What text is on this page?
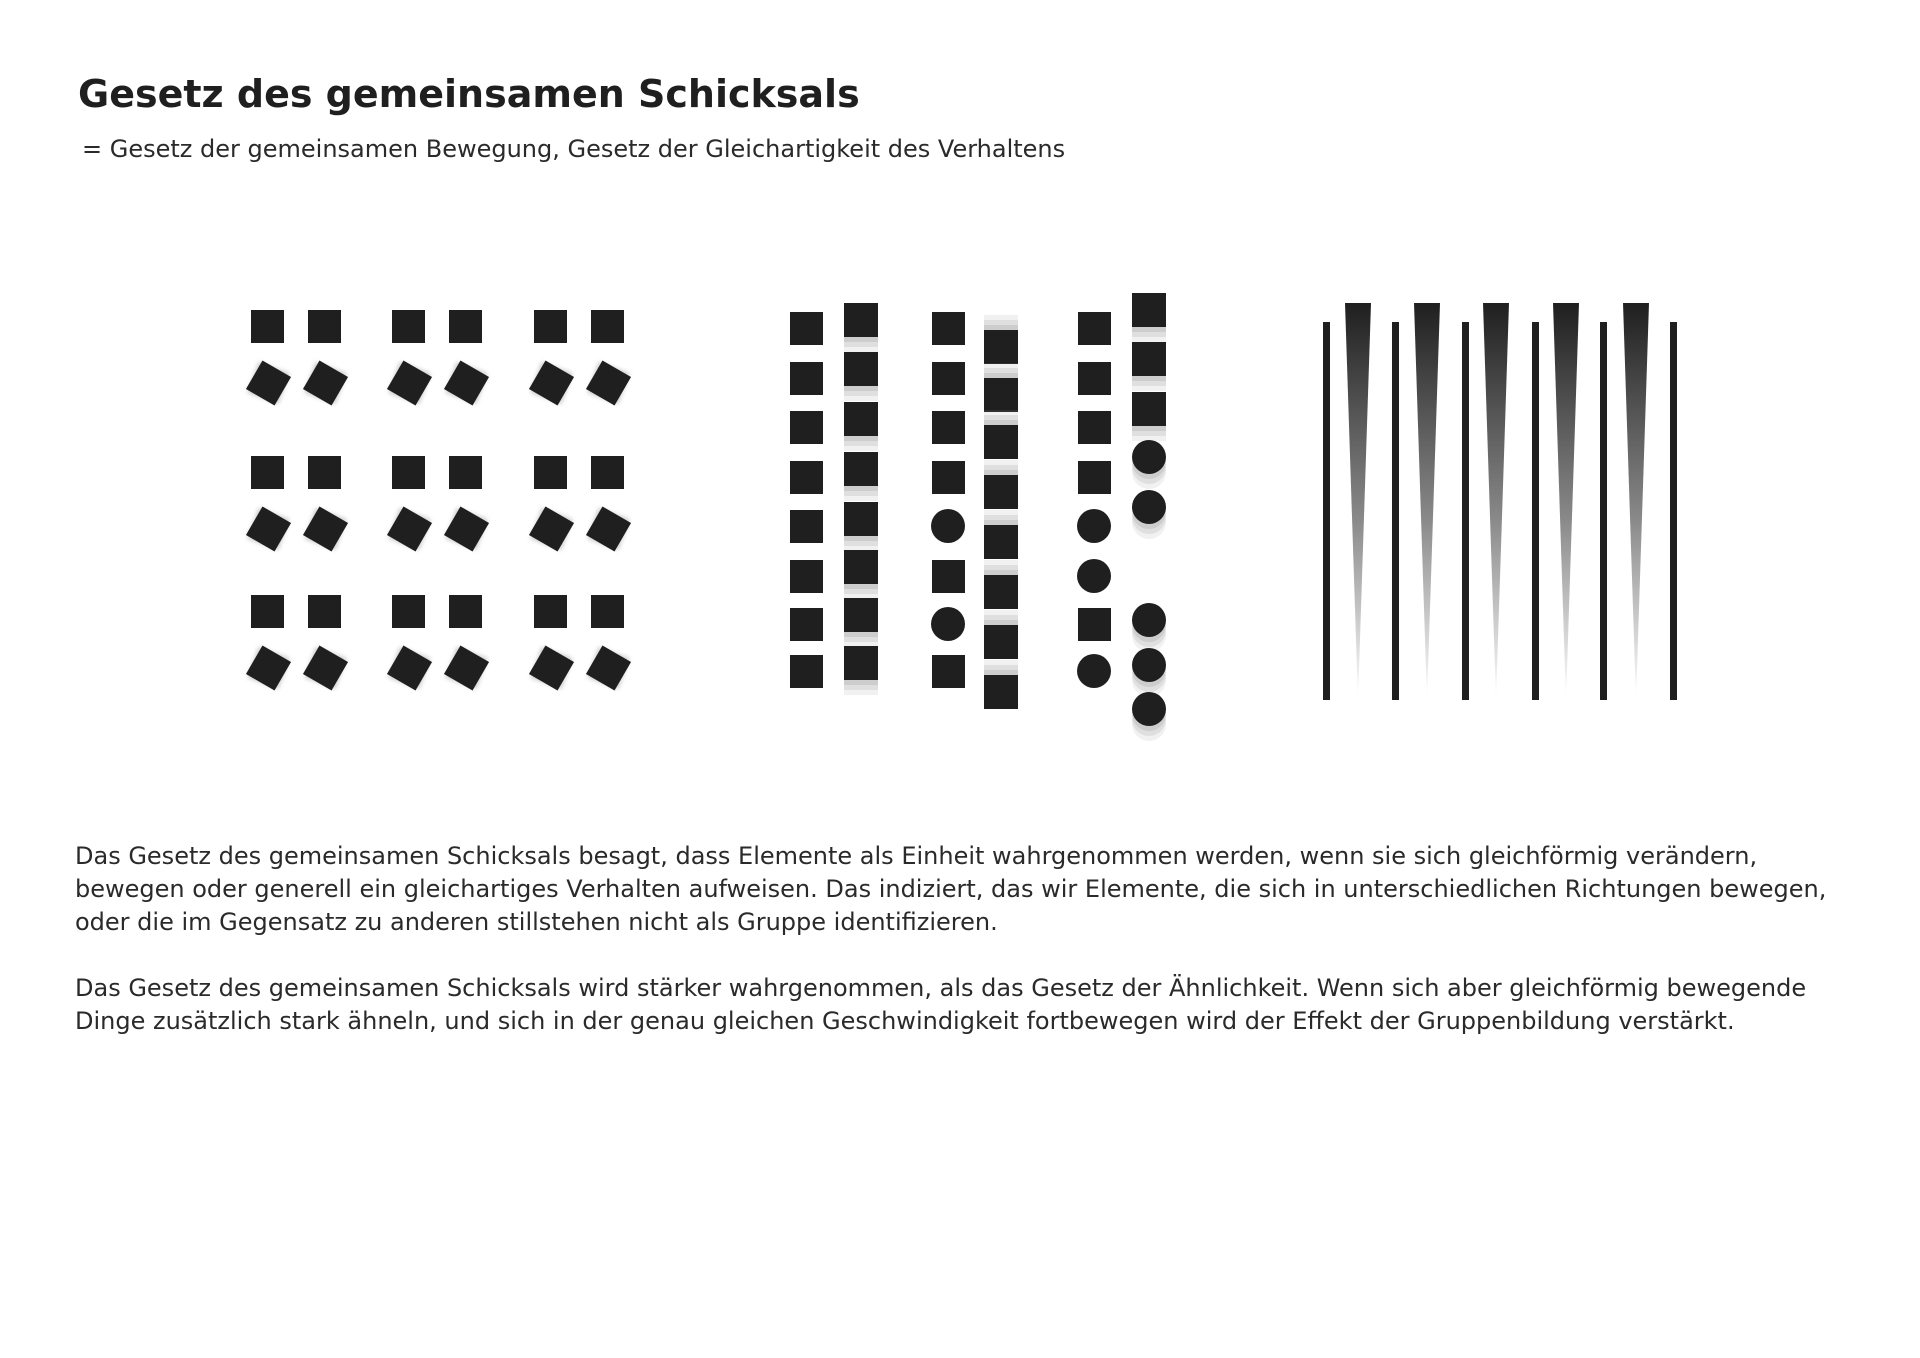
Gesetz des gemeinsamen Schicksals

= Gesetz der gemeinsamen Bewegung, Gesetz der Gleichartigkeit des Verhaltens

Das Gesetz des gemeinsamen Schicksals besagt, dass Elemente als Einheit wahrgenommen werden, wenn sie sich gleichförmig verändern, bewegen oder generell ein gleichartiges Verhalten aufweisen. Das indiziert, das wir Elemente, die sich in unterschiedlichen Richtungen bewegen, oder die im Gegensatz zu anderen stillstehen nicht als Gruppe identifizieren.

Das Gesetz des gemeinsamen Schicksals wird stärker wahrgenommen, als das Gesetz der Ähnlichkeit. Wenn sich aber gleichförmig bewegende Dinge zusätzlich stark ähneln, und sich in der genau gleichen Geschwindigkeit fortbewegen wird der Effekt der Gruppenbildung verstärkt.
